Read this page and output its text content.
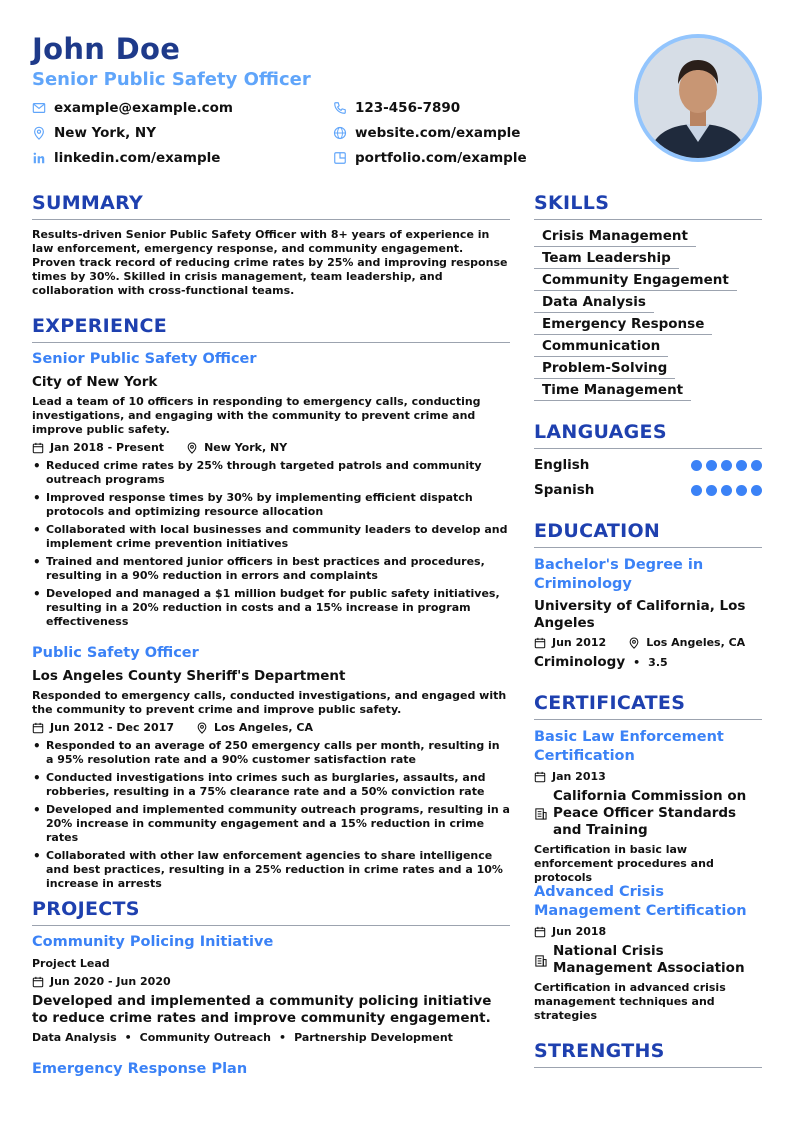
John Doe
Senior Public Safety Officer
example@example.com	123-456-7890
New York, NY	website.com/example
linkedin.com/example	portfolio.com/example
SUMMARY
Results-driven Senior Public Safety Officer with 8+ years of experience in law enforcement, emergency response, and community engagement. Proven track record of reducing crime rates by 25% and improving response times by 30%. Skilled in crisis management, team leadership, and collaboration with cross-functional teams.
EXPERIENCE
Senior Public Safety Officer
City of New York
Lead a team of 10 officers in responding to emergency calls, conducting investigations, and engaging with the community to prevent crime and improve public safety.
Jan 2018 - Present	New York, NY
• Reduced crime rates by 25% through targeted patrols and community outreach programs
• Improved response times by 30% by implementing efficient dispatch protocols and optimizing resource allocation
• Collaborated with local businesses and community leaders to develop and implement crime prevention initiatives
• Trained and mentored junior officers in best practices and procedures, resulting in a 90% reduction in errors and complaints
• Developed and managed a $1 million budget for public safety initiatives, resulting in a 20% reduction in costs and a 15% increase in program effectiveness
Public Safety Officer
Los Angeles County Sheriff's Department
Responded to emergency calls, conducted investigations, and engaged with the community to prevent crime and improve public safety.
Jun 2012 - Dec 2017	Los Angeles, CA
• Responded to an average of 250 emergency calls per month, resulting in a 95% resolution rate and a 90% customer satisfaction rate
• Conducted investigations into crimes such as burglaries, assaults, and robberies, resulting in a 75% clearance rate and a 50% conviction rate
• Developed and implemented community outreach programs, resulting in a 20% increase in community engagement and a 15% reduction in crime rates
• Collaborated with other law enforcement agencies to share intelligence and best practices, resulting in a 25% reduction in crime rates and a 10% increase in arrests
PROJECTS
Community Policing Initiative
Project Lead
Jun 2020 - Jun 2020
Developed and implemented a community policing initiative to reduce crime rates and improve community engagement.
Data Analysis • Community Outreach • Partnership Development
Emergency Response Plan
SKILLS
Crisis Management
Team Leadership
Community Engagement
Data Analysis
Emergency Response
Communication
Problem-Solving
Time Management
LANGUAGES
English
Spanish
EDUCATION
Bachelor's Degree in Criminology
University of California, Los Angeles
Jun 2012	Los Angeles, CA
Criminology • 3.5
CERTIFICATES
Basic Law Enforcement Certification
Jan 2013
California Commission on Peace Officer Standards and Training
Certification in basic law enforcement procedures and protocols
Advanced Crisis Management Certification
Jun 2018
National Crisis Management Association
Certification in advanced crisis management techniques and strategies
STRENGTHS
